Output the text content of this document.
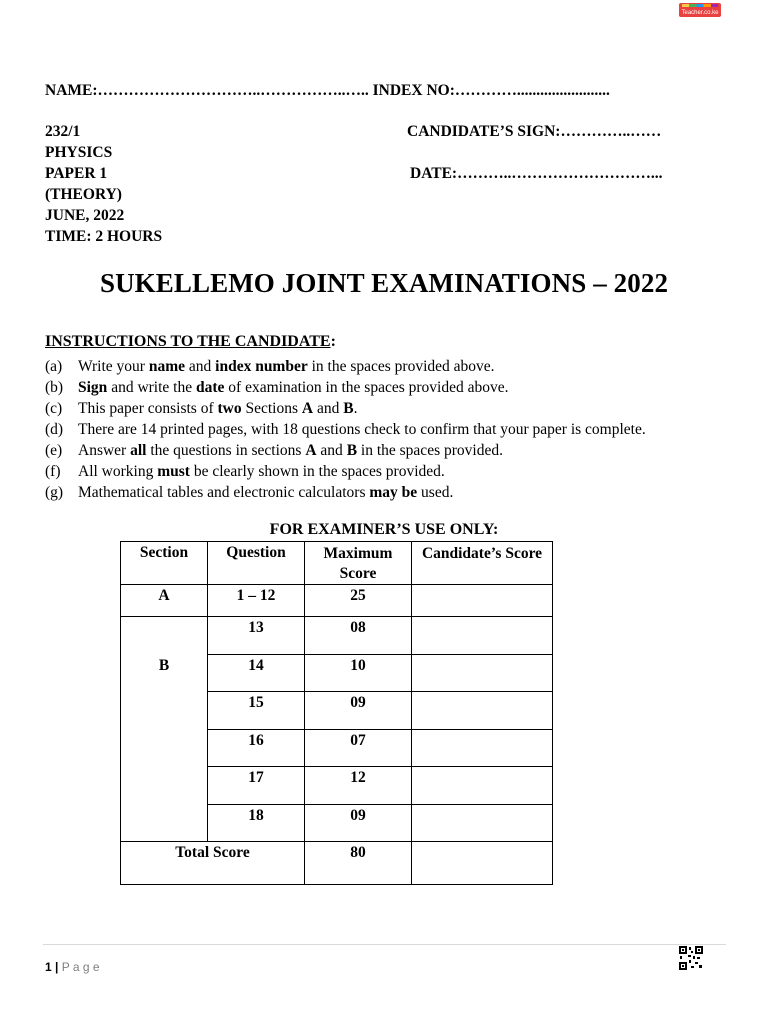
Teacher.co.ke
NAME:…………………………..……………..….. INDEX NO:…………........................
232/1
PHYSICS
PAPER 1
(THEORY)
JUNE, 2022
TIME: 2 HOURS
CANDIDATE’S SIGN:…………..……
DATE:………..………………………...
SUKELLEMO JOINT EXAMINATIONS – 2022
INSTRUCTIONS TO THE CANDIDATE:
(a) Write your name and index number in the spaces provided above.
(b) Sign and write the date of examination in the spaces provided above.
(c) This paper consists of two Sections A and B.
(d) There are 14 printed pages, with 18 questions check to confirm that your paper is complete.
(e) Answer all the questions in sections A and B in the spaces provided.
(f) All working must be clearly shown in the spaces provided.
(g) Mathematical tables and electronic calculators may be used.
FOR EXAMINER’S USE ONLY:
Section	Question	Maximum Score	Candidate’s Score
A	1 – 12	25	
B	13	08	
	14	10	
	15	09	
	16	07	
	17	12	
	18	09	
Total Score		80	
1 | P a g e
